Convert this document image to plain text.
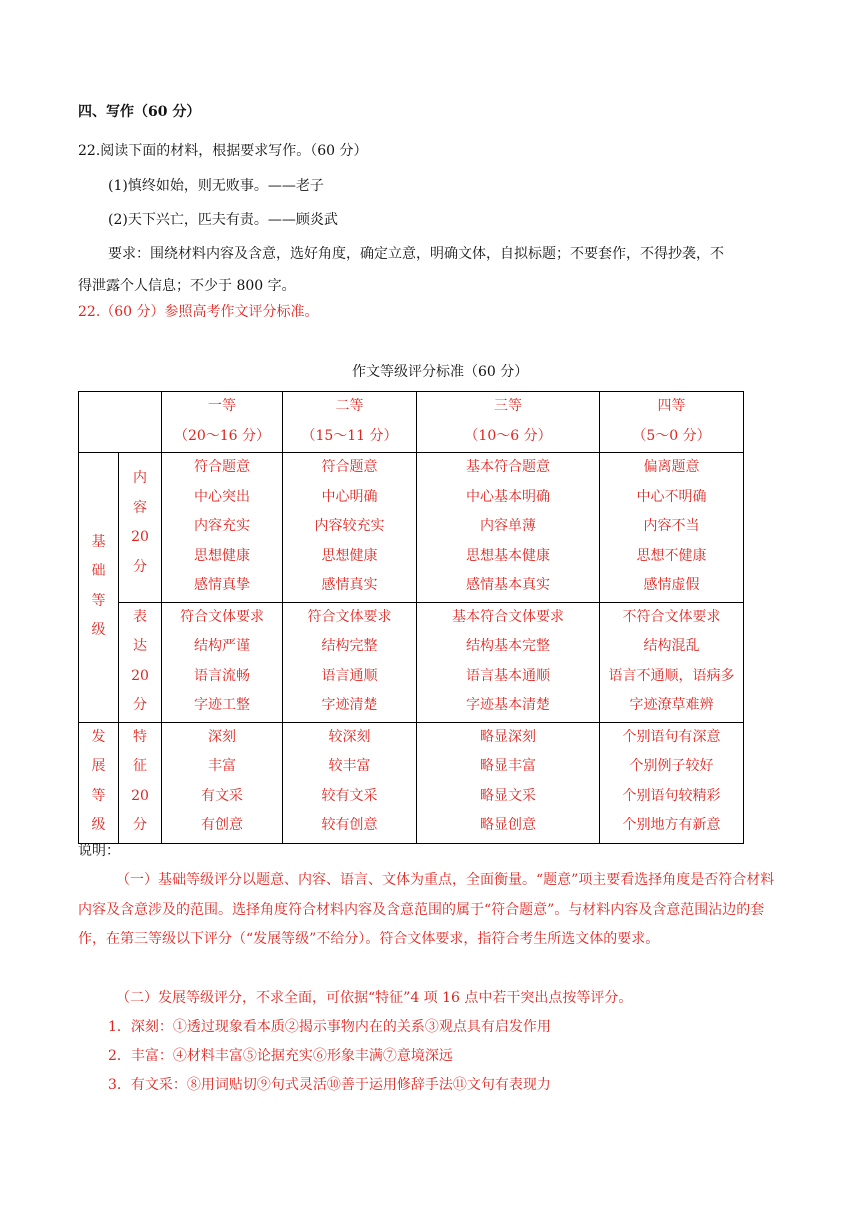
四、写作（60 分）
22.阅读下面的材料，根据要求写作。（60 分）
(1)慎终如始，则无败事。——老子
(2)天下兴亡，匹夫有责。——顾炎武
要求：围绕材料内容及含意，选好角度，确定立意，明确文体，自拟标题；不要套作，不得抄袭，不
得泄露个人信息；不少于 800 字。
22.（60 分）参照高考作文评分标准。
作文等级评分标准（60 分）

		一等
（20～16 分）	二等
（15～11 分）	三等
（10～6 分）	四等
（5～0 分）

基
础
等
级	内
容
20
分	符合题意
中心突出
内容充实
思想健康
感情真挚	符合题意
中心明确
内容较充实
思想健康
感情真实	基本符合题意
中心基本明确
内容单薄
思想基本健康
感情基本真实	偏离题意
中心不明确
内容不当
思想不健康
感情虚假

	表
达
20
分	符合文体要求
结构严谨
语言流畅
字迹工整	符合文体要求
结构完整
语言通顺
字迹清楚	基本符合文体要求
结构基本完整
语言基本通顺
字迹基本清楚	不符合文体要求
结构混乱
语言不通顺，语病多
字迹潦草难辨

发
展
等
级	特
征
20
分	深刻
丰富
有文采
有创意	较深刻
较丰富
较有文采
较有创意	略显深刻
略显丰富
略显文采
略显创意	个别语句有深意
个别例子较好
个别语句较精彩
个别地方有新意
说明：
（一）基础等级评分以题意、内容、语言、文体为重点，全面衡量。“题意”项主要看选择角度是否符合材料内容及含意涉及的范围。选择角度符合材料内容及含意范围的属于“符合题意”。与材料内容及含意范围沾边的套作，在第三等级以下评分（“发展等级”不给分）。符合文体要求，指符合考生所选文体的要求。
（二）发展等级评分，不求全面，可依据“特征”4 项 16 点中若干突出点按等评分。
1．深刻：①透过现象看本质②揭示事物内在的关系③观点具有启发作用
2．丰富：④材料丰富⑤论据充实⑥形象丰满⑦意境深远
3．有文采：⑧用词贴切⑨句式灵活⑩善于运用修辞手法⑪文句有表现力
